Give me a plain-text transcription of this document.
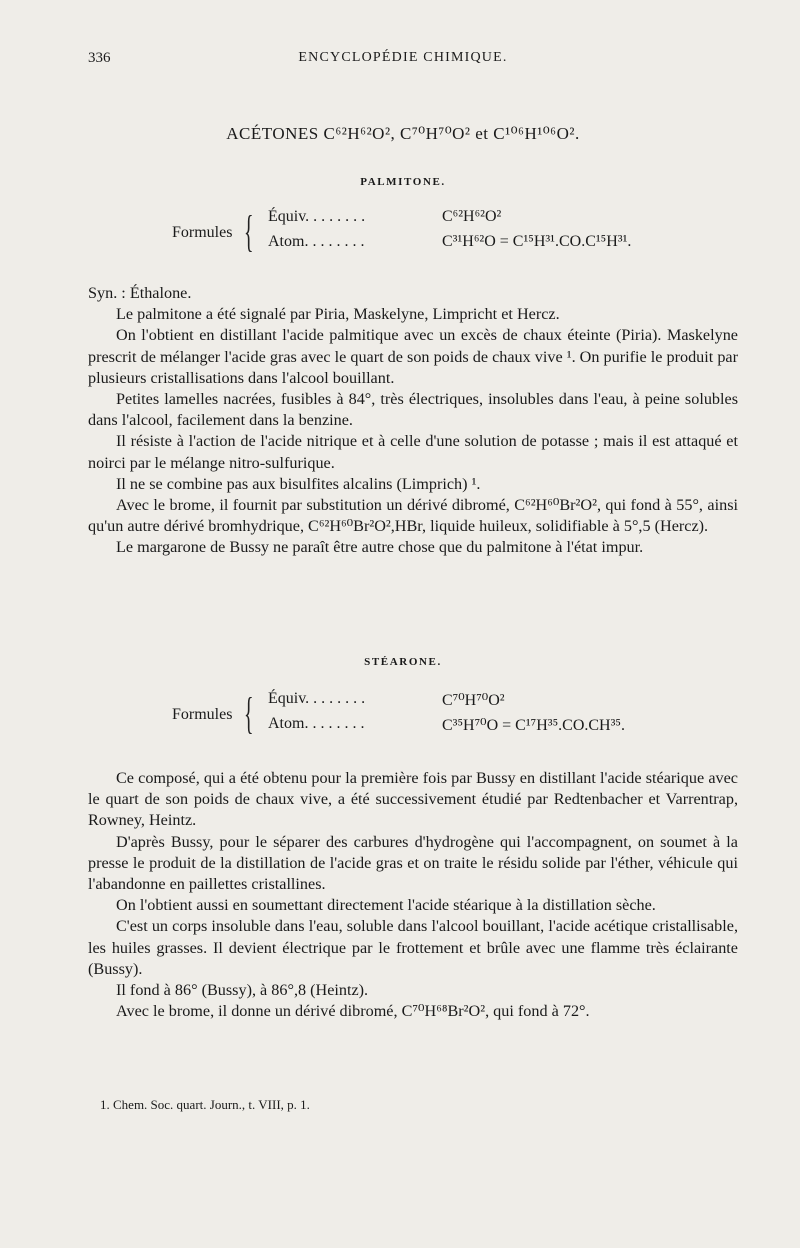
336	ENCYCLOPÉDIE CHIMIQUE.
ACÉTONES C⁶²H⁶²O², C⁷⁰H⁷⁰O² et C¹⁰⁶H¹⁰⁶O².
PALMITONE.
Formules { Équiv. . . . . . . .	C⁶²H⁶²O²
Atom. . . . . . . .	C³¹H⁶²O = C¹⁵H³¹.CO.C¹⁵H³¹.

Syn. : Éthalone.

Le palmitone a été signalé par Piria, Maskelyne, Limpricht et Hercz.

On l'obtient en distillant l'acide palmitique avec un excès de chaux éteinte (Piria). Maskelyne prescrit de mélanger l'acide gras avec le quart de son poids de chaux vive ¹. On purifie le produit par plusieurs cristallisations dans l'alcool bouillant.

Petites lamelles nacrées, fusibles à 84°, très électriques, insolubles dans l'eau, à peine solubles dans l'alcool, facilement dans la benzine.

Il résiste à l'action de l'acide nitrique et à celle d'une solution de potasse ; mais il est attaqué et noirci par le mélange nitro-sulfurique.

Il ne se combine pas aux bisulfites alcalins (Limprich) ¹.

Avec le brome, il fournit par substitution un dérivé dibromé, C⁶²H⁶⁰Br²O², qui fond à 55°, ainsi qu'un autre dérivé bromhydrique, C⁶²H⁶⁰Br²O²,HBr, liquide huileux, solidifiable à 5°,5 (Hercz).

Le margarone de Bussy ne paraît être autre chose que du palmitone à l'état impur.

STÉARONE.
Formules { Équiv. . . . . . . .	C⁷⁰H⁷⁰O²
Atom. . . . . . . .	C³⁵H⁷⁰O = C¹⁷H³⁵.CO.CH³⁵.

Ce composé, qui a été obtenu pour la première fois par Bussy en distillant l'acide stéarique avec le quart de son poids de chaux vive, a été successivement étudié par Redtenbacher et Varrentrap, Rowney, Heintz.

D'après Bussy, pour le séparer des carbures d'hydrogène qui l'accompagnent, on soumet à la presse le produit de la distillation de l'acide gras et on traite le résidu solide par l'éther, véhicule qui l'abandonne en paillettes cristallines.

On l'obtient aussi en soumettant directement l'acide stéarique à la distillation sèche.

C'est un corps insoluble dans l'eau, soluble dans l'alcool bouillant, l'acide acétique cristallisable, les huiles grasses. Il devient électrique par le frottement et brûle avec une flamme très éclairante (Bussy).

Il fond à 86° (Bussy), à 86°,8 (Heintz).

Avec le brome, il donne un dérivé dibromé, C⁷⁰H⁶⁸Br²O², qui fond à 72°.

1. Chem. Soc. quart. Journ., t. VIII, p. 1.
